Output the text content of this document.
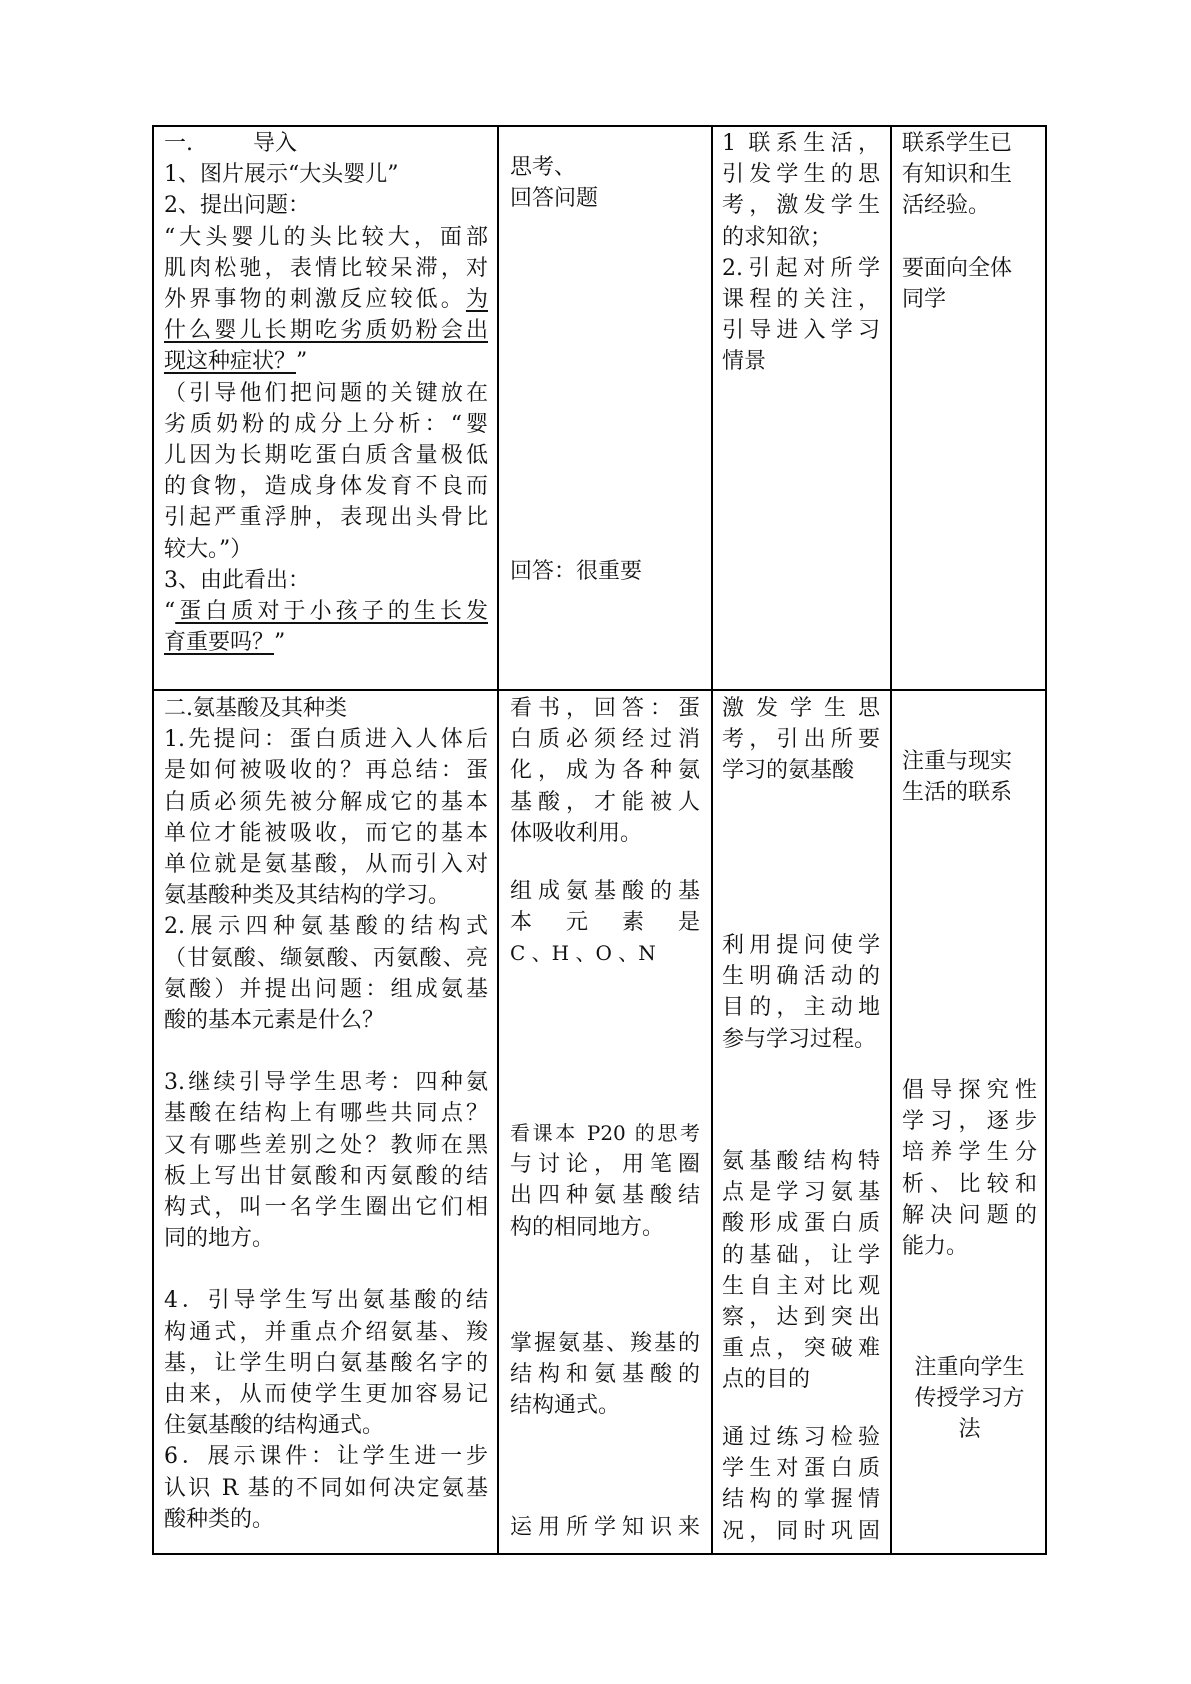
一.	导入

1、图片展示“大头婴儿”

2、提出问题：

“大头婴儿的头比较大，面部

肌肉松驰，表情比较呆滞，对

外界事物的刺激反应较低。为

什么婴儿长期吃劣质奶粉会出

现这种症状？”

（引导他们把问题的关键放在

劣质奶粉的成分上分析：“婴

儿因为长期吃蛋白质含量极低

的食物，造成身体发育不良而

引起严重浮肿，表现出头骨比

较大。”）

3、由此看出：

“蛋白质对于小孩子的生长发

育重要吗？”

思考、

回答问题

回答：很重要

1 联系生活，

引发学生的思

考，激发学生

的求知欲；

2.引起对所学

课程的关注，

引导进入学习

情景

联系学生已

有知识和生

活经验。

要面向全体

同学

二.氨基酸及其种类

1.先提问：蛋白质进入人体后

是如何被吸收的？再总结：蛋

白质必须先被分解成它的基本

单位才能被吸收，而它的基本

单位就是氨基酸，从而引入对

氨基酸种类及其结构的学习。

2.展示四种氨基酸的结构式

（甘氨酸、缬氨酸、丙氨酸、亮

氨酸）并提出问题：组成氨基

酸的基本元素是什么？

3.继续引导学生思考：四种氨

基酸在结构上有哪些共同点？

又有哪些差别之处？教师在黑

板上写出甘氨酸和丙氨酸的结

构式，叫一名学生圈出它们相

同的地方。

4．引导学生写出氨基酸的结

构通式，并重点介绍氨基、羧

基，让学生明白氨基酸名字的

由来，从而使学生更加容易记

住氨基酸的结构通式。

6．展示课件：让学生进一步

认识 R 基的不同如何决定氨基

酸种类的。

看书，回答：蛋

白质必须经过消

化，成为各种氨

基酸，才能被人

体吸收利用。

组成氨基酸的基

本　元　素　是

C 、H 、O 、N

看课本 P20 的思考

与讨论，用笔圈

出四种氨基酸结

构的相同地方。

掌握氨基、羧基的

结构和氨基酸的

结构通式。

运用所学知识来

激发学生思

考，引出所要

学习的氨基酸

利用提问使学

生明确活动的

目的，主动地

参与学习过程。

氨基酸结构特

点是学习氨基

酸形成蛋白质

的基础，让学

生自主对比观

察，达到突出

重点，突破难

点的目的

通过练习检验

学生对蛋白质

结构的掌握情

况，同时巩固

注重与现实

生活的联系

倡导探究性

学习，逐步

培养学生分

析、比较和

解决问题的

能力。

注重向学生

传授学习方

法
